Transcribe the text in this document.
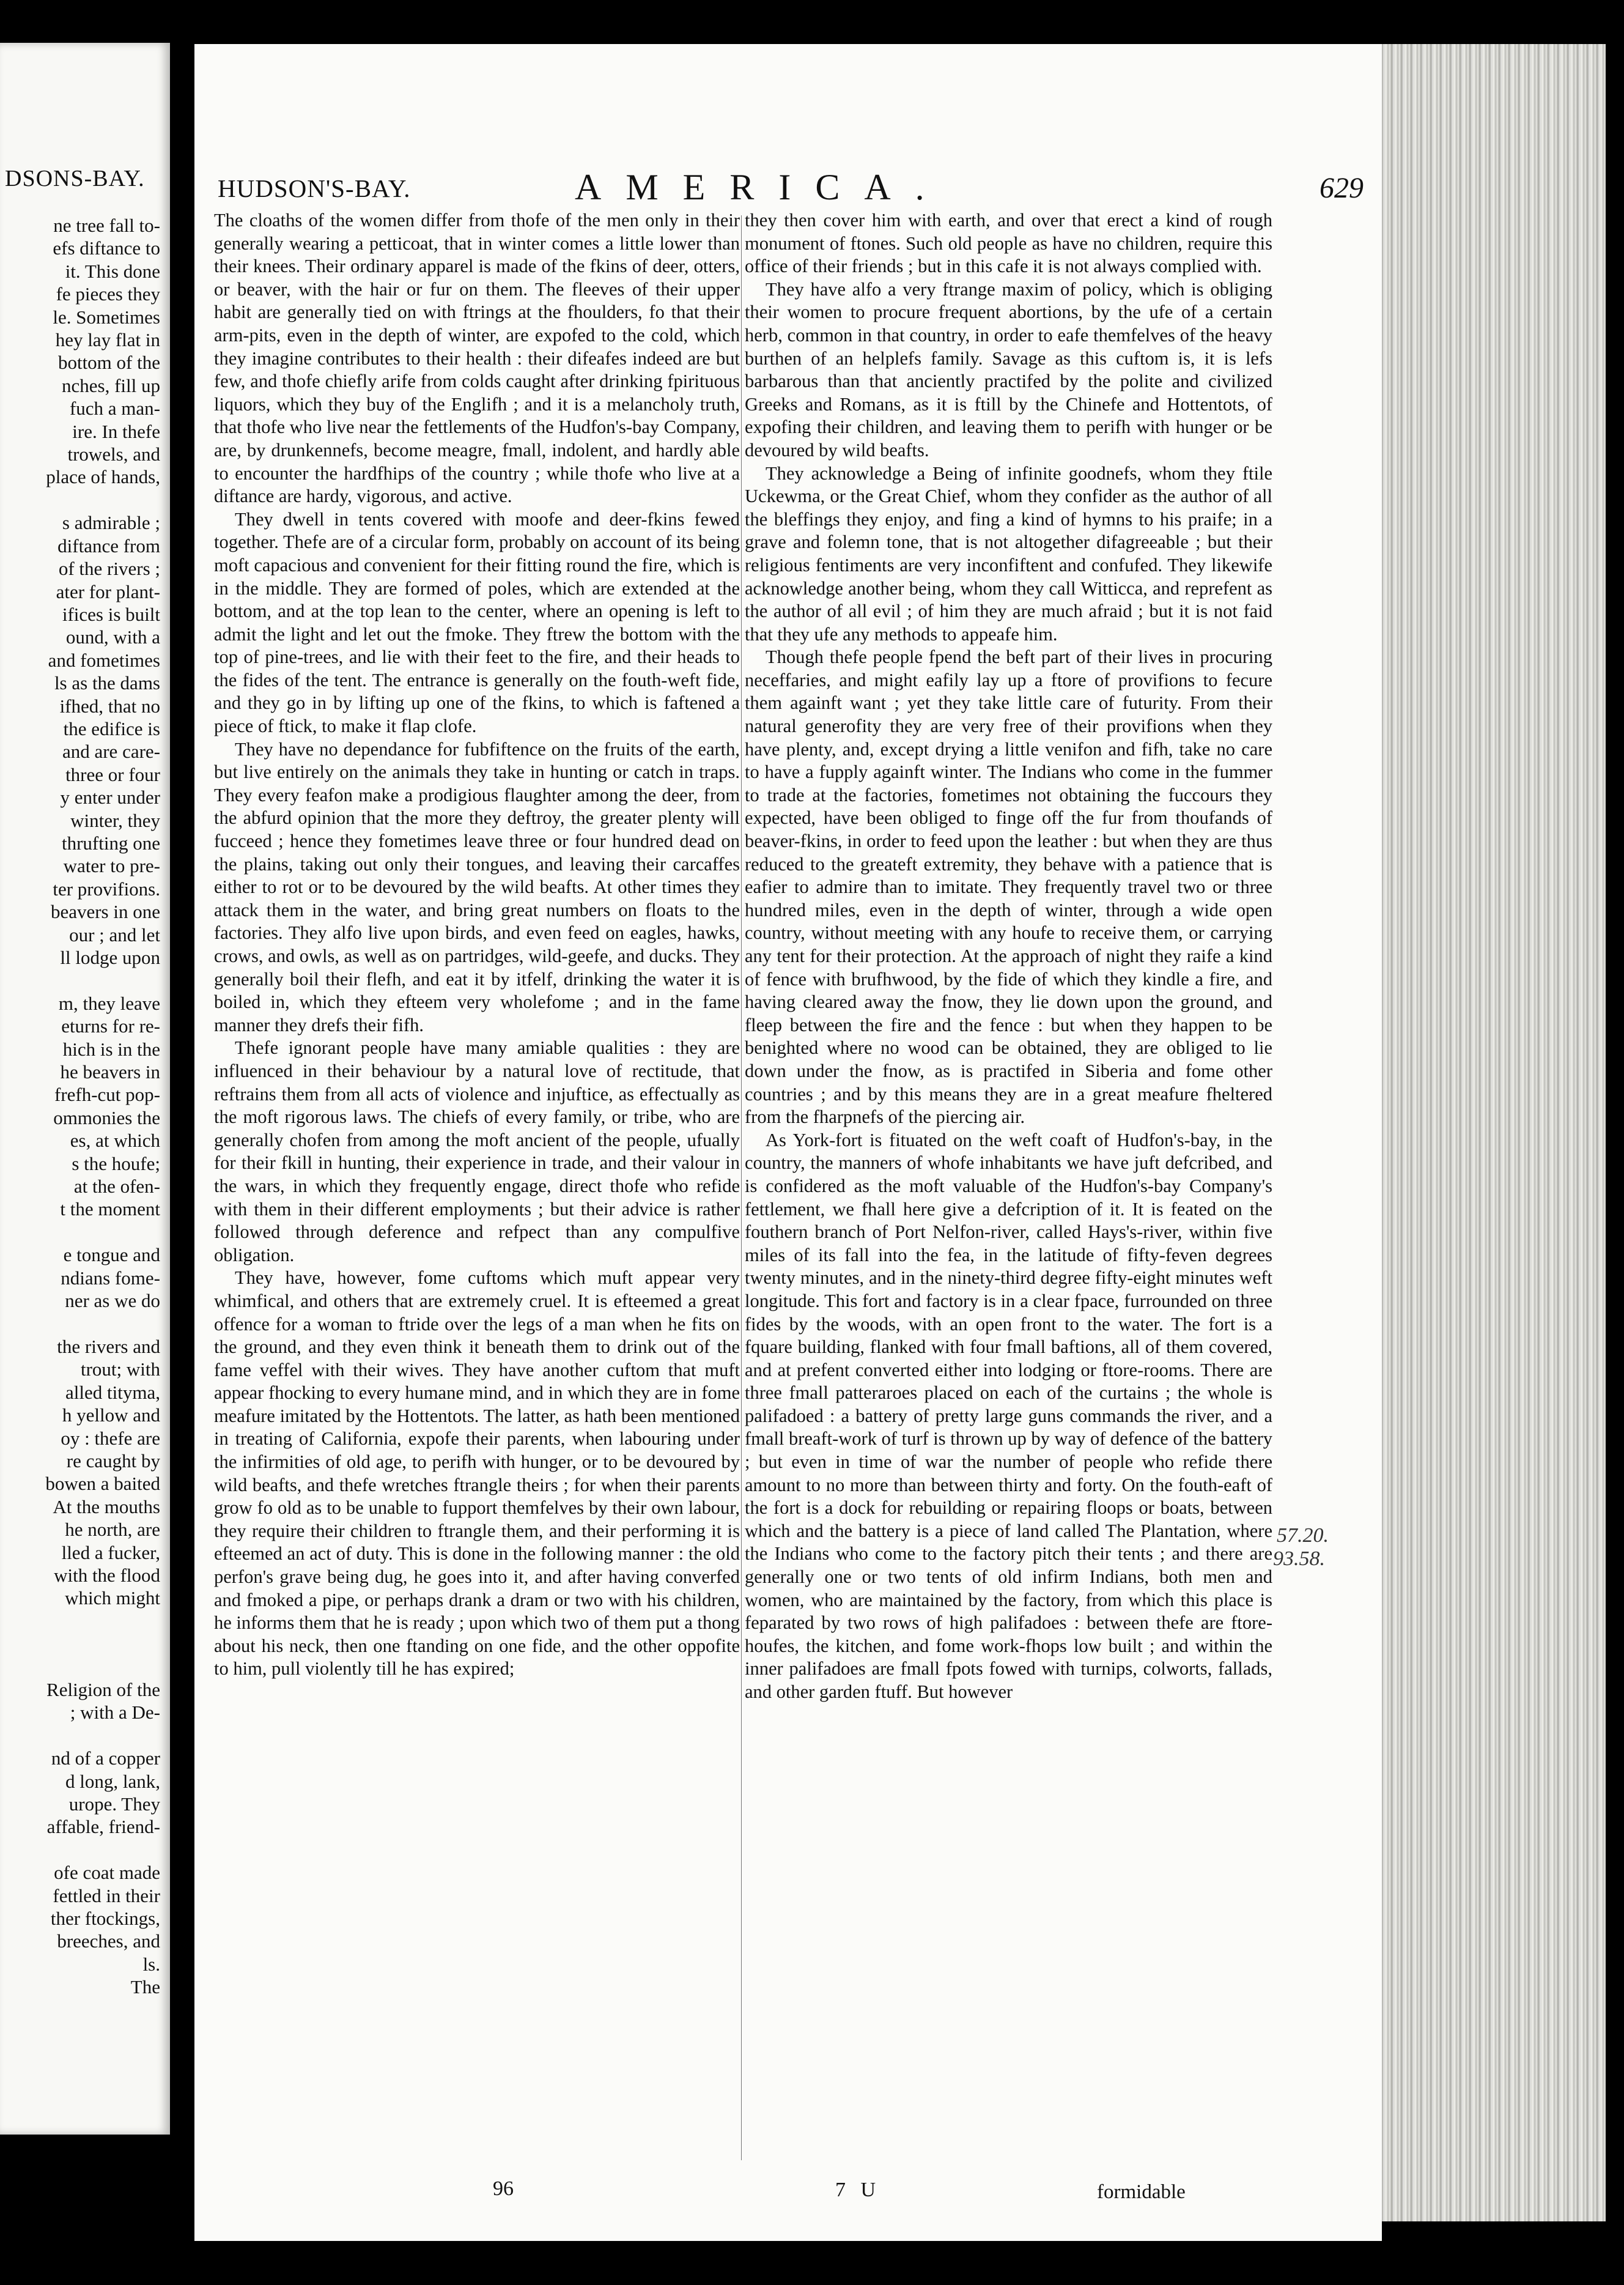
DSONS-BAY.
ne tree fall to-
efs diftance to
it. This done
fe pieces they
le. Sometimes
hey lay flat in
bottom of the
nches, fill up
fuch a man-
ire. In thefe
trowels, and
place of hands,

s admirable ;
diftance from
of the rivers ;
ater for plant-
ifices is built
ound, with a
and fometimes
ls as the dams
ifhed, that no
the edifice is
and are care-
three or four
y enter under
winter, they
thrufting one
water to pre-
ter provifions.
beavers in one
our ; and let
ll lodge upon

m, they leave
eturns for re-
hich is in the
he beavers in
frefh-cut pop-
ommonies the
es, at which
s the houfe;
at the ofen-
t the moment

e tongue and
ndians fome-
ner as we do

the rivers and
trout; with
alled tityma,
h yellow and
oy : thefe are
re caught by
bowen a baited
At the mouths
he north, are
lled a fucker,
with the flood
which might

Religion of the
; with a De-

nd of a copper
d long, lank,
urope. They
affable, friend-

ofe coat made
fettled in their
ther ftockings,
breeches, and
ls.
The
HUDSON'S-BAY.	AMERICA.	629

The cloaths of the women differ from thofe of the men only in their generally wearing a petticoat, that in winter comes a little lower than their knees. Their ordinary apparel is made of the fkins of deer, otters, or beaver, with the hair or fur on them. The fleeves of their upper habit are generally tied on with ftrings at the fhoulders, fo that their arm-pits, even in the depth of winter, are expofed to the cold, which they imagine contributes to their health : their difeafes indeed are but few, and thofe chiefly arife from colds caught after drinking fpirituous liquors, which they buy of the Englifh ; and it is a melancholy truth, that thofe who live near the fettlements of the Hudfon's-bay Company, are, by drunkennefs, become meagre, fmall, indolent, and hardly able to encounter the hardfhips of the country ; while thofe who live at a diftance are hardy, vigorous, and active.

They dwell in tents covered with moofe and deer-fkins fewed together. Thefe are of a circular form, probably on account of its being moft capacious and convenient for their fitting round the fire, which is in the middle. They are formed of poles, which are extended at the bottom, and at the top lean to the center, where an opening is left to admit the light and let out the fmoke. They ftrew the bottom with the top of pine-trees, and lie with their feet to the fire, and their heads to the fides of the tent. The entrance is generally on the fouth-weft fide, and they go in by lifting up one of the fkins, to which is faftened a piece of ftick, to make it flap clofe.

They have no dependance for fubfiftence on the fruits of the earth, but live entirely on the animals they take in hunting or catch in traps. They every feafon make a prodigious flaughter among the deer, from the abfurd opinion that the more they deftroy, the greater plenty will fucceed ; hence they fometimes leave three or four hundred dead on the plains, taking out only their tongues, and leaving their carcaffes either to rot or to be devoured by the wild beafts. At other times they attack them in the water, and bring great numbers on floats to the factories. They alfo live upon birds, and even feed on eagles, hawks, crows, and owls, as well as on partridges, wild-geefe, and ducks. They generally boil their flefh, and eat it by itfelf, drinking the water it is boiled in, which they efteem very wholefome ; and in the fame manner they drefs their fifh.

Thefe ignorant people have many amiable qualities : they are influenced in their behaviour by a natural love of rectitude, that reftrains them from all acts of violence and injuftice, as effectually as the moft rigorous laws. The chiefs of every family, or tribe, who are generally chofen from among the moft ancient of the people, ufually for their fkill in hunting, their experience in trade, and their valour in the wars, in which they frequently engage, direct thofe who refide with them in their different employments ; but their advice is rather followed through deference and refpect than any compulfive obligation.

They have, however, fome cuftoms which muft appear very whimfical, and others that are extremely cruel. It is efteemed a great offence for a woman to ftride over the legs of a man when he fits on the ground, and they even think it beneath them to drink out of the fame veffel with their wives. They have another cuftom that muft appear fhocking to every humane mind, and in which they are in fome meafure imitated by the Hottentots. The latter, as hath been mentioned in treating of California, expofe their parents, when labouring under the infirmities of old age, to perifh with hunger, or to be devoured by wild beafts, and thefe wretches ftrangle theirs ; for when their parents grow fo old as to be unable to fupport themfelves by their own labour, they require their children to ftrangle them, and their performing it is efteemed an act of duty. This is done in the following manner : the old perfon's grave being dug, he goes into it, and after having converfed and fmoked a pipe, or perhaps drank a dram or two with his children, he informs them that he is ready ; upon which two of them put a thong about his neck, then one ftanding on one fide, and the other oppofite to him, pull violently till he has expired;

they then cover him with earth, and over that erect a kind of rough monument of ftones. Such old people as have no children, require this office of their friends ; but in this cafe it is not always complied with.

They have alfo a very ftrange maxim of policy, which is obliging their women to procure frequent abortions, by the ufe of a certain herb, common in that country, in order to eafe themfelves of the heavy burthen of an helplefs family. Savage as this cuftom is, it is lefs barbarous than that anciently practifed by the polite and civilized Greeks and Romans, as it is ftill by the Chinefe and Hottentots, of expofing their children, and leaving them to perifh with hunger or be devoured by wild beafts.

They acknowledge a Being of infinite goodnefs, whom they ftile Uckewma, or the Great Chief, whom they confider as the author of all the bleffings they enjoy, and fing a kind of hymns to his praife; in a grave and folemn tone, that is not altogether difagreeable ; but their religious fentiments are very inconfiftent and confufed. They likewife acknowledge another being, whom they call Witticca, and reprefent as the author of all evil ; of him they are much afraid ; but it is not faid that they ufe any methods to appeafe him.

Though thefe people fpend the beft part of their lives in procuring neceffaries, and might eafily lay up a ftore of provifions to fecure them againft want ; yet they take little care of futurity. From their natural generofity they are very free of their provifions when they have plenty, and, except drying a little venifon and fifh, take no care to have a fupply againft winter. The Indians who come in the fummer to trade at the factories, fometimes not obtaining the fuccours they expected, have been obliged to finge off the fur from thoufands of beaver-fkins, in order to feed upon the leather : but when they are thus reduced to the greateft extremity, they behave with a patience that is eafier to admire than to imitate. They frequently travel two or three hundred miles, even in the depth of winter, through a wide open country, without meeting with any houfe to receive them, or carrying any tent for their protection. At the approach of night they raife a kind of fence with brufhwood, by the fide of which they kindle a fire, and having cleared away the fnow, they lie down upon the ground, and fleep between the fire and the fence : but when they happen to be benighted where no wood can be obtained, they are obliged to lie down under the fnow, as is practifed in Siberia and fome other countries ; and by this means they are in a great meafure fheltered from the fharpnefs of the piercing air.

As York-fort is fituated on the weft coaft of Hudfon's-bay, in the country, the manners of whofe inhabitants we have juft defcribed, and is confidered as the moft valuable of the Hudfon's-bay Company's fettlement, we fhall here give a defcription of it. It is feated on the fouthern branch of Port Nelfon-river, called Hays's-river, within five miles of its fall into the fea, in the latitude of fifty-feven degrees twenty minutes, and in the ninety-third degree fifty-eight minutes weft longitude. This fort and factory is in a clear fpace, furrounded on three fides by the woods, with an open front to the water. The fort is a fquare building, flanked with four fmall baftions, all of them covered, and at prefent converted either into lodging or ftore-rooms. There are three fmall patteraroes placed on each of the curtains ; the whole is palifadoed : a battery of pretty large guns commands the river, and a fmall breaft-work of turf is thrown up by way of defence of the battery ; but even in time of war the number of people who refide there amount to no more than between thirty and forty. On the fouth-eaft of the fort is a dock for rebuilding or repairing floops or boats, between which and the battery is a piece of land called The Plantation, where the Indians who come to the factory pitch their tents ; and there are generally one or two tents of old infirm Indians, both men and women, who are maintained by the factory, from which this place is feparated by two rows of high palifadoes : between thefe are ftore-houfes, the kitchen, and fome work-fhops low built ; and within the inner palifadoes are fmall fpots fowed with turnips, colworts, fallads, and other garden ftuff. But however

57.20.
93.58.
96	7 U	formidable
